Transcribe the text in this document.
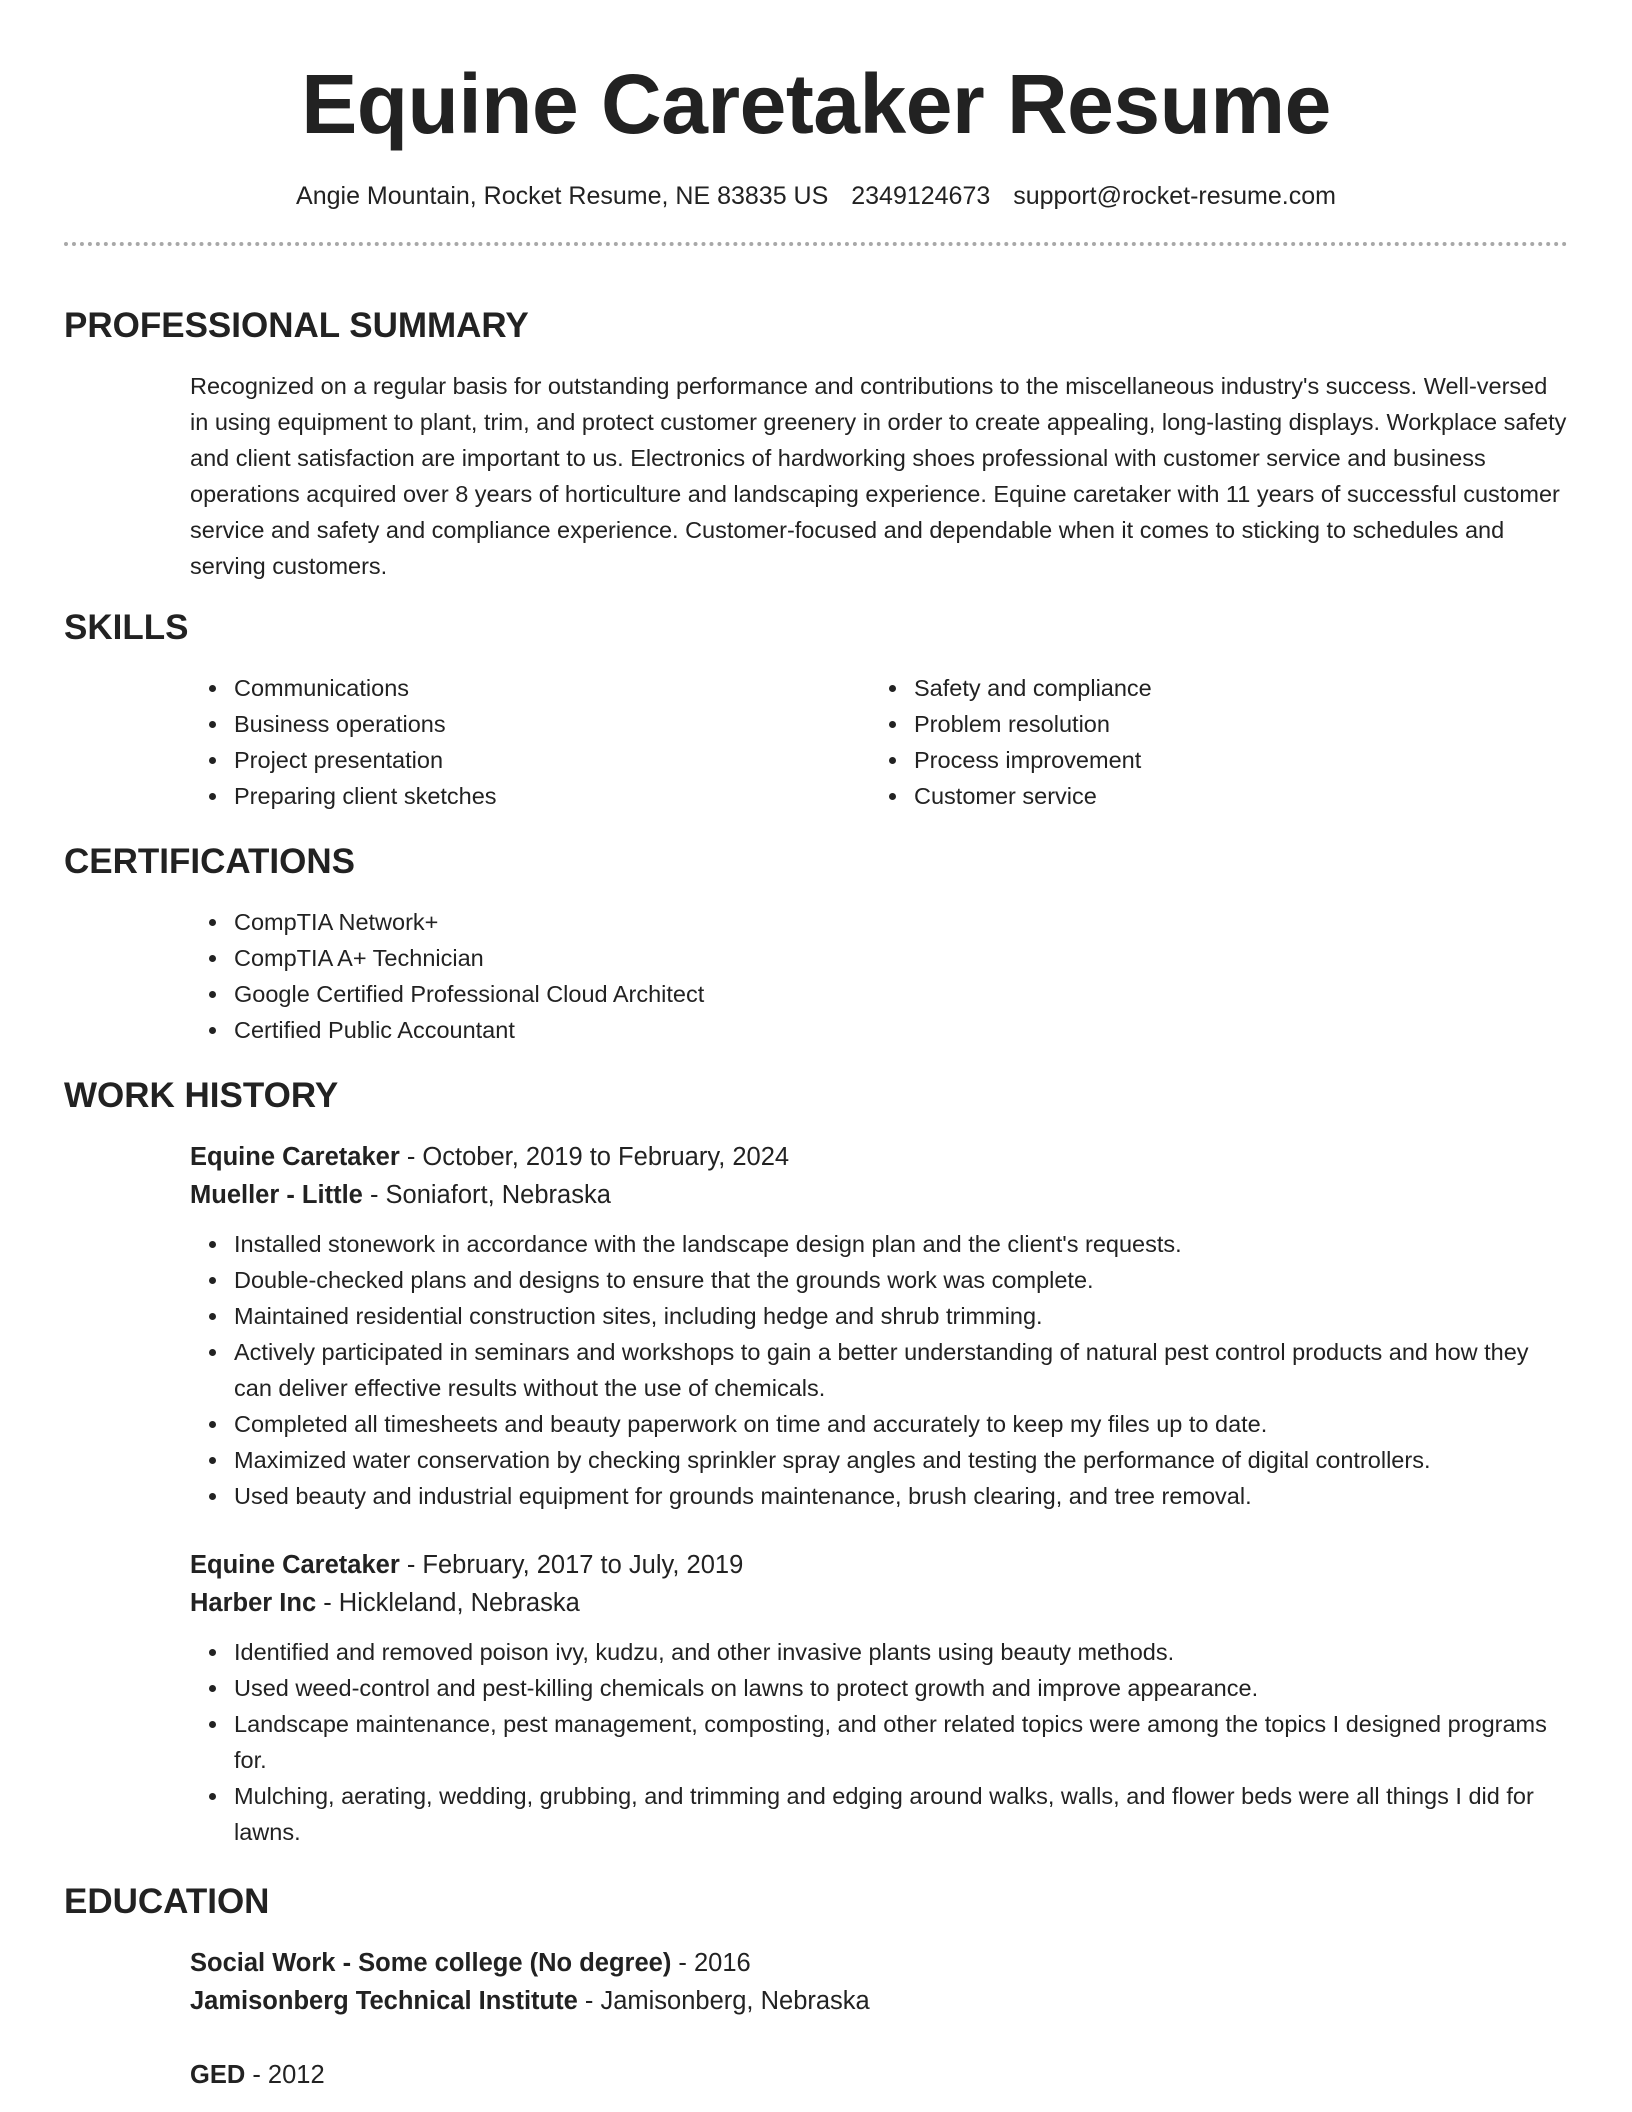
Equine Caretaker Resume
Angie Mountain, Rocket Resume, NE 83835 US 2349124673 support@rocket-resume.com
PROFESSIONAL SUMMARY

Recognized on a regular basis for outstanding performance and contributions to the miscellaneous industry's success. Well-versed in using equipment to plant, trim, and protect customer greenery in order to create appealing, long-lasting displays. Workplace safety and client satisfaction are important to us. Electronics of hardworking shoes professional with customer service and business operations acquired over 8 years of horticulture and landscaping experience. Equine caretaker with 11 years of successful customer service and safety and compliance experience. Customer-focused and dependable when it comes to sticking to schedules and serving customers.

SKILLS
Communications
Business operations
Project presentation
Preparing client sketches
Safety and compliance
Problem resolution
Process improvement
Customer service
CERTIFICATIONS
CompTIA Network+
CompTIA A+ Technician
Google Certified Professional Cloud Architect
Certified Public Accountant
WORK HISTORY
Equine Caretaker - October, 2019 to February, 2024
Mueller - Little - Soniafort, Nebraska
Installed stonework in accordance with the landscape design plan and the client's requests.
Double-checked plans and designs to ensure that the grounds work was complete.
Maintained residential construction sites, including hedge and shrub trimming.
Actively participated in seminars and workshops to gain a better understanding of natural pest control products and how they can deliver effective results without the use of chemicals.
Completed all timesheets and beauty paperwork on time and accurately to keep my files up to date.
Maximized water conservation by checking sprinkler spray angles and testing the performance of digital controllers.
Used beauty and industrial equipment for grounds maintenance, brush clearing, and tree removal.
Equine Caretaker - February, 2017 to July, 2019
Harber Inc - Hickleland, Nebraska
Identified and removed poison ivy, kudzu, and other invasive plants using beauty methods.
Used weed-control and pest-killing chemicals on lawns to protect growth and improve appearance.
Landscape maintenance, pest management, composting, and other related topics were among the topics I designed programs for.
Mulching, aerating, wedding, grubbing, and trimming and edging around walks, walls, and flower beds were all things I did for lawns.
EDUCATION
Social Work - Some college (No degree) - 2016
Jamisonberg Technical Institute - Jamisonberg, Nebraska
GED - 2012
